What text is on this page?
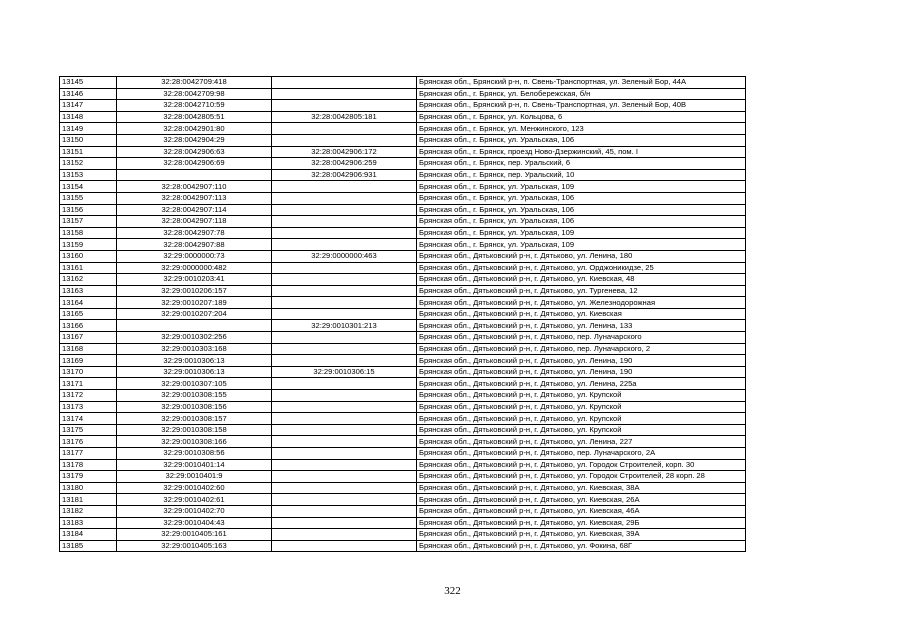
13145	32:28:0042709:418		Брянская обл., Брянский р-н, п. Свень-Транспортная, ул. Зеленый Бор, 44А
13146	32:28:0042709:98		Брянская обл., г. Брянск, ул. Белобережская, б/н
13147	32:28:0042710:59		Брянская обл., Брянский р-н, п. Свень-Транспортная, ул. Зеленый Бор, 40В
13148	32:28:0042805:51	32:28:0042805:181	Брянская обл., г. Брянск, ул. Кольцова, 6
13149	32:28:0042901:80		Брянская обл., г. Брянск, ул. Менжинского, 123
13150	32:28:0042904:29		Брянская обл., г. Брянск, ул. Уральская, 106
13151	32:28:0042906:63	32:28:0042906:172	Брянская обл., г. Брянск, проезд Ново-Дзержинский, 45, пом. I
13152	32:28:0042906:69	32:28:0042906:259	Брянская обл., г. Брянск, пер. Уральский, 6
13153		32:28:0042906:931	Брянская обл., г. Брянск, пер. Уральский, 10
13154	32:28:0042907:110		Брянская обл., г. Брянск, ул. Уральская, 109
13155	32:28:0042907:113		Брянская обл., г. Брянск, ул. Уральская, 106
13156	32:28:0042907:114		Брянская обл., г. Брянск, ул. Уральская, 106
13157	32:28:0042907:118		Брянская обл., г. Брянск, ул. Уральская, 106
13158	32:28:0042907:78		Брянская обл., г. Брянск, ул. Уральская, 109
13159	32:28:0042907:88		Брянская обл., г. Брянск, ул. Уральская, 109
13160	32:29:0000000:73	32:29:0000000:463	Брянская обл., Дятьковский р-н, г. Дятьково, ул. Ленина, 180
13161	32:29:0000000:482		Брянская обл., Дятьковский р-н, г. Дятьково, ул. Орджоникидзе, 25
13162	32:29:0010203:41		Брянская обл., Дятьковский р-н, г. Дятьково, ул. Киевская, 48
13163	32:29:0010206:157		Брянская обл., Дятьковский р-н, г. Дятьково, ул. Тургенева, 12
13164	32:29:0010207:189		Брянская обл., Дятьковский р-н, г. Дятьково, ул. Железнодорожная
13165	32:29:0010207:204		Брянская обл., Дятьковский р-н, г. Дятьково, ул. Киевская
13166		32:29:0010301:213	Брянская обл., Дятьковский р-н, г. Дятьково, ул. Ленина, 133
13167	32:29:0010302:256		Брянская обл., Дятьковский р-н, г. Дятьково, пер. Луначарского
13168	32:29:0010303:168		Брянская обл., Дятьковский р-н, г. Дятьково, пер. Луначарского, 2
13169	32:29:0010306:13		Брянская обл., Дятьковский р-н, г. Дятьково, ул. Ленина, 190
13170	32:29:0010306:13	32:29:0010306:15	Брянская обл., Дятьковский р-н, г. Дятьково, ул. Ленина, 190
13171	32:29:0010307:105		Брянская обл., Дятьковский р-н, г. Дятьково, ул. Ленина, 225а
13172	32:29:0010308:155		Брянская обл., Дятьковский р-н, г. Дятьково, ул. Крупской
13173	32:29:0010308:156		Брянская обл., Дятьковский р-н, г. Дятьково, ул. Крупской
13174	32:29:0010308:157		Брянская обл., Дятьковский р-н, г. Дятьково, ул. Крупской
13175	32:29:0010308:158		Брянская обл., Дятьковский р-н, г. Дятьково, ул. Крупской
13176	32:29:0010308:166		Брянская обл., Дятьковский р-н, г. Дятьково, ул. Ленина, 227
13177	32:29:0010308:56		Брянская обл., Дятьковский р-н, г. Дятьково, пер. Луначарского, 2А
13178	32:29:0010401:14		Брянская обл., Дятьковский р-н, г. Дятьково, ул. Городок Строителей, корп. 30
13179	32:29:0010401:9		Брянская обл., Дятьковский р-н, г. Дятьково, ул. Городок Строителей, 28 корп. 28
13180	32:29:0010402:60		Брянская обл., Дятьковский р-н, г. Дятьково, ул. Киевская, 38А
13181	32:29:0010402:61		Брянская обл., Дятьковский р-н, г. Дятьково, ул. Киевская, 26А
13182	32:29:0010402:70		Брянская обл., Дятьковский р-н, г. Дятьково, ул. Киевская, 46А
13183	32:29:0010404:43		Брянская обл., Дятьковский р-н, г. Дятьково, ул. Киевская, 29Б
13184	32:29:0010405:161		Брянская обл., Дятьковский р-н, г. Дятьково, ул. Киевская, 39А
13185	32:29:0010405:163		Брянская обл., Дятьковский р-н, г. Дятьково, ул. Фокина, 68Г
322
